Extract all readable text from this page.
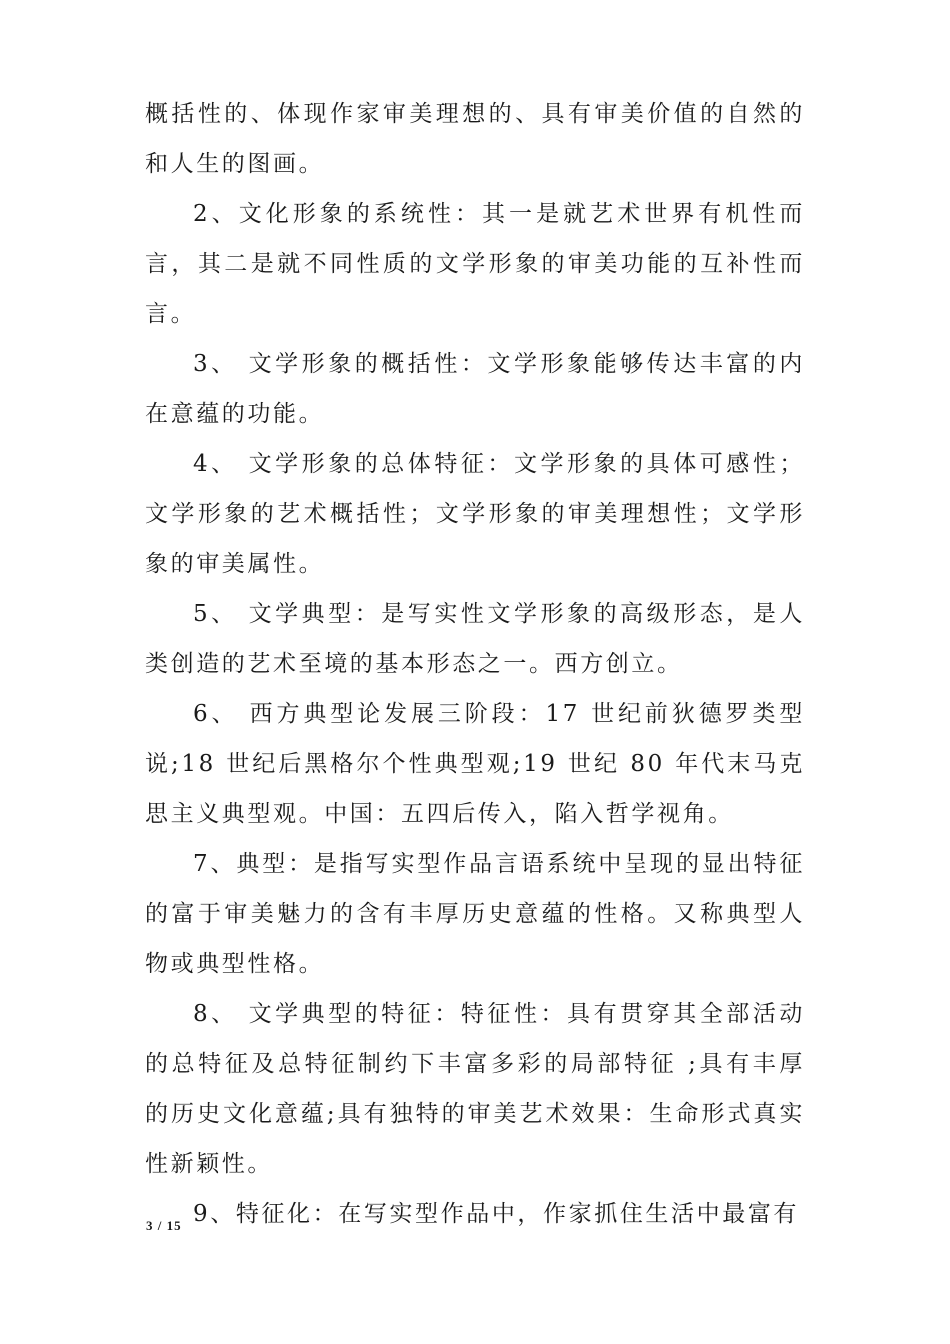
概括性的、体现作家审美理想的、具有审美价值的自然的和人生的图画。

2、文化形象的系统性：其一是就艺术世界有机性而言，其二是就不同性质的文学形象的审美功能的互补性而言。

3、 文学形象的概括性：文学形象能够传达丰富的内在意蕴的功能。

4、 文学形象的总体特征：文学形象的具体可感性；文学形象的艺术概括性；文学形象的审美理想性；文学形象的审美属性。

5、 文学典型：是写实性文学形象的高级形态，是人类创造的艺术至境的基本形态之一。西方创立。

6、 西方典型论发展三阶段：17 世纪前狄德罗类型说;18 世纪后黑格尔个性典型观;19 世纪 80 年代末马克思主义典型观。中国：五四后传入，陷入哲学视角。

7、典型：是指写实型作品言语系统中呈现的显出特征的富于审美魅力的含有丰厚历史意蕴的性格。又称典型人物或典型性格。

8、 文学典型的特征：特征性：具有贯穿其全部活动的总特征及总特征制约下丰富多彩的局部特征 ;具有丰厚的历史文化意蕴;具有独特的审美艺术效果：生命形式真实性新颖性。

9、特征化：在写实型作品中，作家抓住生活中最富有

3 / 15
